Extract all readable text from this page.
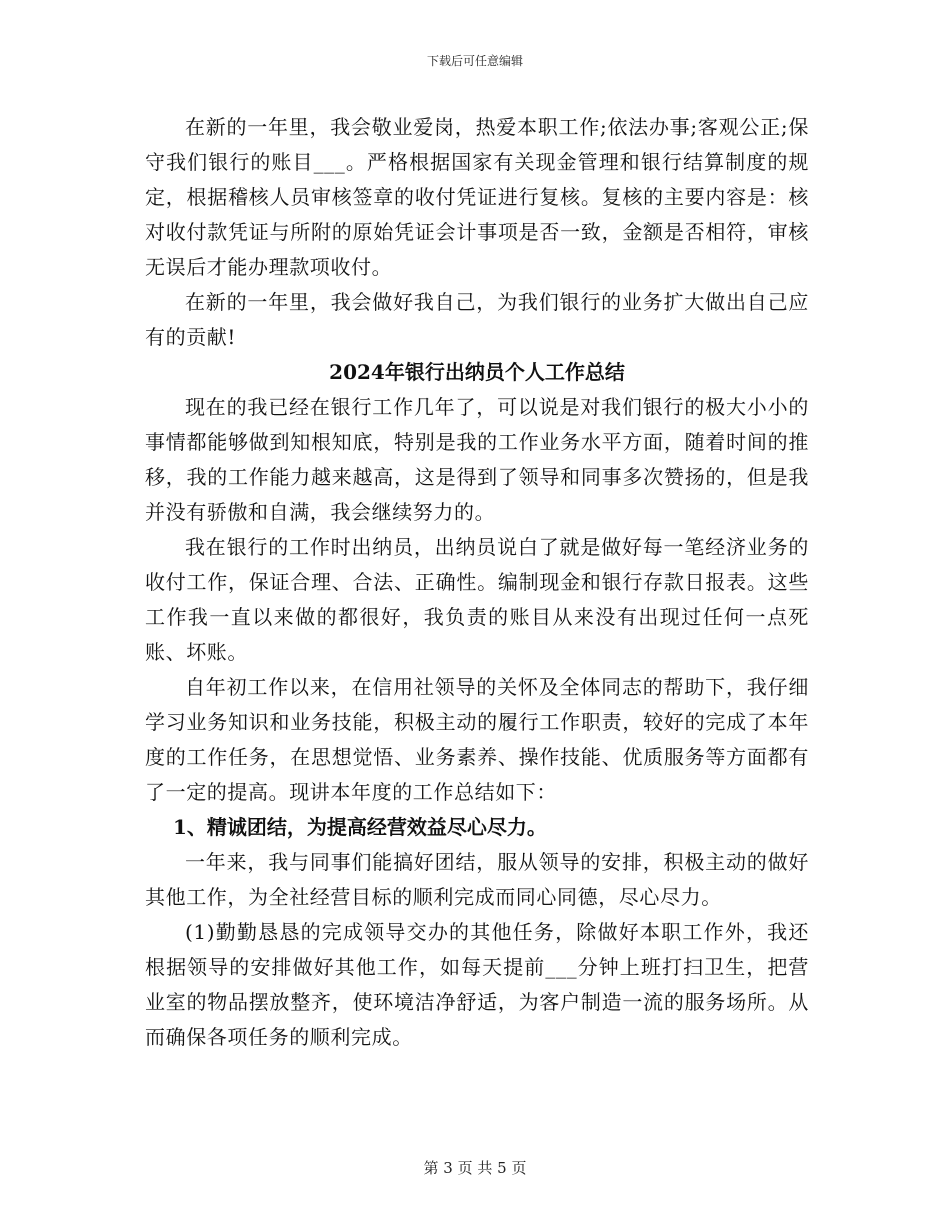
下载后可任意编辑

在新的一年里，我会敬业爱岗，热爱本职工作;依法办事;客观公正;保守我们银行的账目___。严格根据国家有关现金管理和银行结算制度的规定，根据稽核人员审核签章的收付凭证进行复核。复核的主要内容是：核对收付款凭证与所附的原始凭证会计事项是否一致，金额是否相符，审核无误后才能办理款项收付。

在新的一年里，我会做好我自己，为我们银行的业务扩大做出自己应有的贡献!

2024年银行出纳员个人工作总结

现在的我已经在银行工作几年了，可以说是对我们银行的极大小小的事情都能够做到知根知底，特别是我的工作业务水平方面，随着时间的推移，我的工作能力越来越高，这是得到了领导和同事多次赞扬的，但是我并没有骄傲和自满，我会继续努力的。

我在银行的工作时出纳员，出纳员说白了就是做好每一笔经济业务的收付工作，保证合理、合法、正确性。编制现金和银行存款日报表。这些工作我一直以来做的都很好，我负责的账目从来没有出现过任何一点死账、坏账。

自年初工作以来，在信用社领导的关怀及全体同志的帮助下，我仔细学习业务知识和业务技能，积极主动的履行工作职责，较好的完成了本年度的工作任务，在思想觉悟、业务素养、操作技能、优质服务等方面都有了一定的提高。现讲本年度的工作总结如下：

1、精诚团结，为提高经营效益尽心尽力。

一年来，我与同事们能搞好团结，服从领导的安排，积极主动的做好其他工作，为全社经营目标的顺利完成而同心同德，尽心尽力。

(1)勤勤恳恳的完成领导交办的其他任务，除做好本职工作外，我还根据领导的安排做好其他工作，如每天提前___分钟上班打扫卫生，把营业室的物品摆放整齐，使环境洁净舒适，为客户制造一流的服务场所。从而确保各项任务的顺利完成。

第 3 页 共 5 页
